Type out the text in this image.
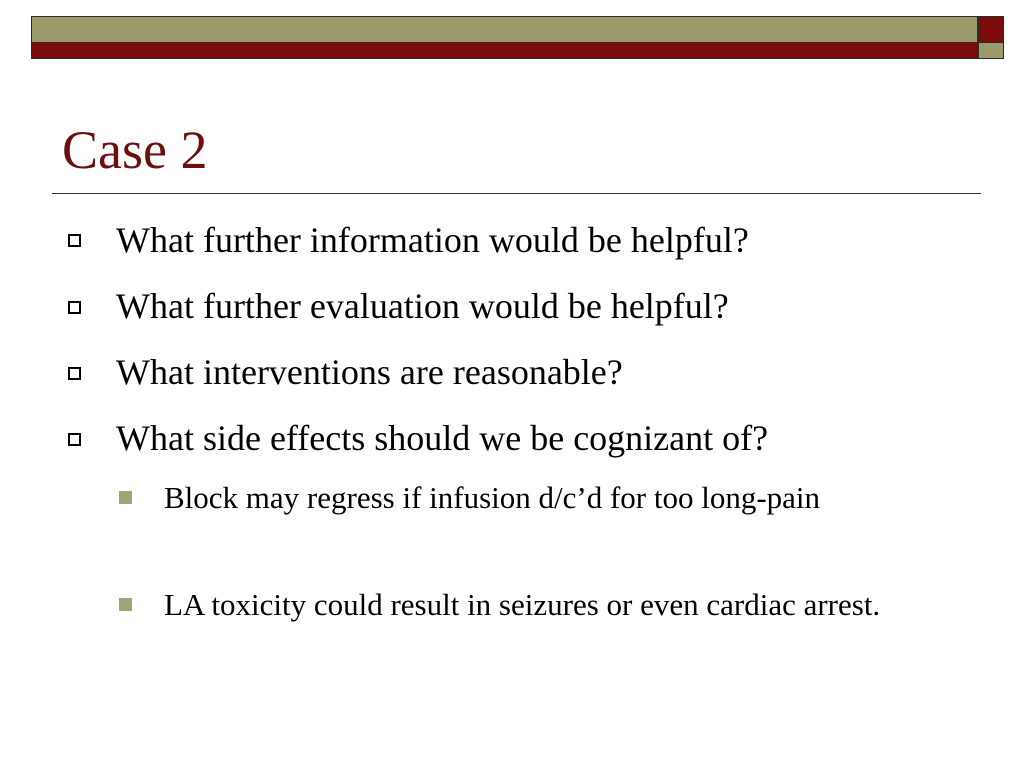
Case 2
What further information would be helpful?
What further evaluation would be helpful?
What interventions are reasonable?
What side effects should we be cognizant of?
Block may regress if infusion d/c’d for too long-pain
LA toxicity could result in seizures or even cardiac arrest.
